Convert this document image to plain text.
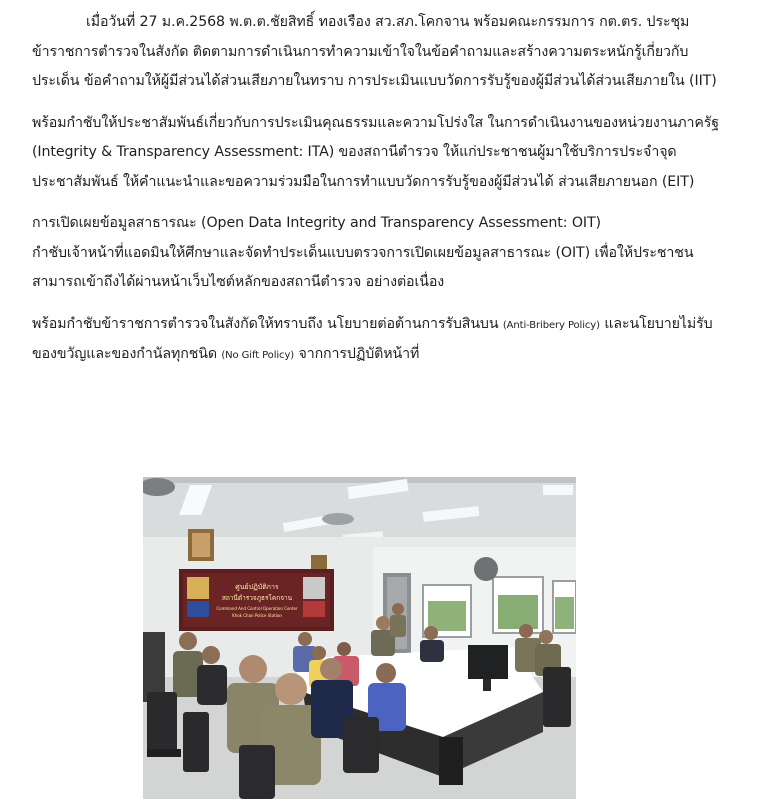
เมื่อวันที่ 27 ม.ค.2568 พ.ต.ต.ชัยสิทธิ์ ทองเรือง สว.สภ.โคกจาน พร้อมคณะกรรมการ กต.ตร. ประชุม
ข้าราชการตำรวจในสังกัด ติดตามการดำเนินการทำความเข้าใจในข้อคำถามและสร้างความตระหนักรู้เกี่ยวกับ
ประเด็น ข้อคำถามให้ผู้มีส่วนได้ส่วนเสียภายในทราบ การประเมินแบบวัดการรับรู้ของผู้มีส่วนได้ส่วนเสียภายใน (IIT)

พร้อมกำชับให้ประชาสัมพันธ์เกี่ยวกับการประเมินคุณธรรมและความโปร่งใส ในการดำเนินงานของหน่วยงานภาครัฐ
(Integrity & Transparency Assessment: ITA) ของสถานีตำรวจ ให้แก่ประชาชนผู้มาใช้บริการประจำจุด
ประชาสัมพันธ์ ให้คำแนะนำและขอความร่วมมือในการทำแบบวัดการรับรู้ของผู้มีส่วนได้ ส่วนเสียภายนอก (EIT)

การเปิดเผยข้อมูลสาธารณะ (Open Data Integrity and Transparency Assessment: OIT)
กำชับเจ้าหน้าที่แอดมินให้ศึกษาและจัดทำประเด็นแบบตรวจการเปิดเผยข้อมูลสาธารณะ (OIT) เพื่อให้ประชาชน
สามารถเข้าถึงได้ผ่านหน้าเว็บไซต์หลักของสถานีตำรวจ อย่างต่อเนื่อง

พร้อมกำชับข้าราชการตำรวจในสังกัดให้ทราบถึง นโยบายต่อต้านการรับสินบน (Anti-Bribery Policy) และนโยบายไม่รับ
ของขวัญและของกำนัลทุกชนิด (No Gift Policy) จากการปฏิบัติหน้าที่

ศูนย์ปฏิบัติการ
สถานีตำรวจภูธรโคกจาน
Command And Control Operation Center
Khok Chan Police Station
